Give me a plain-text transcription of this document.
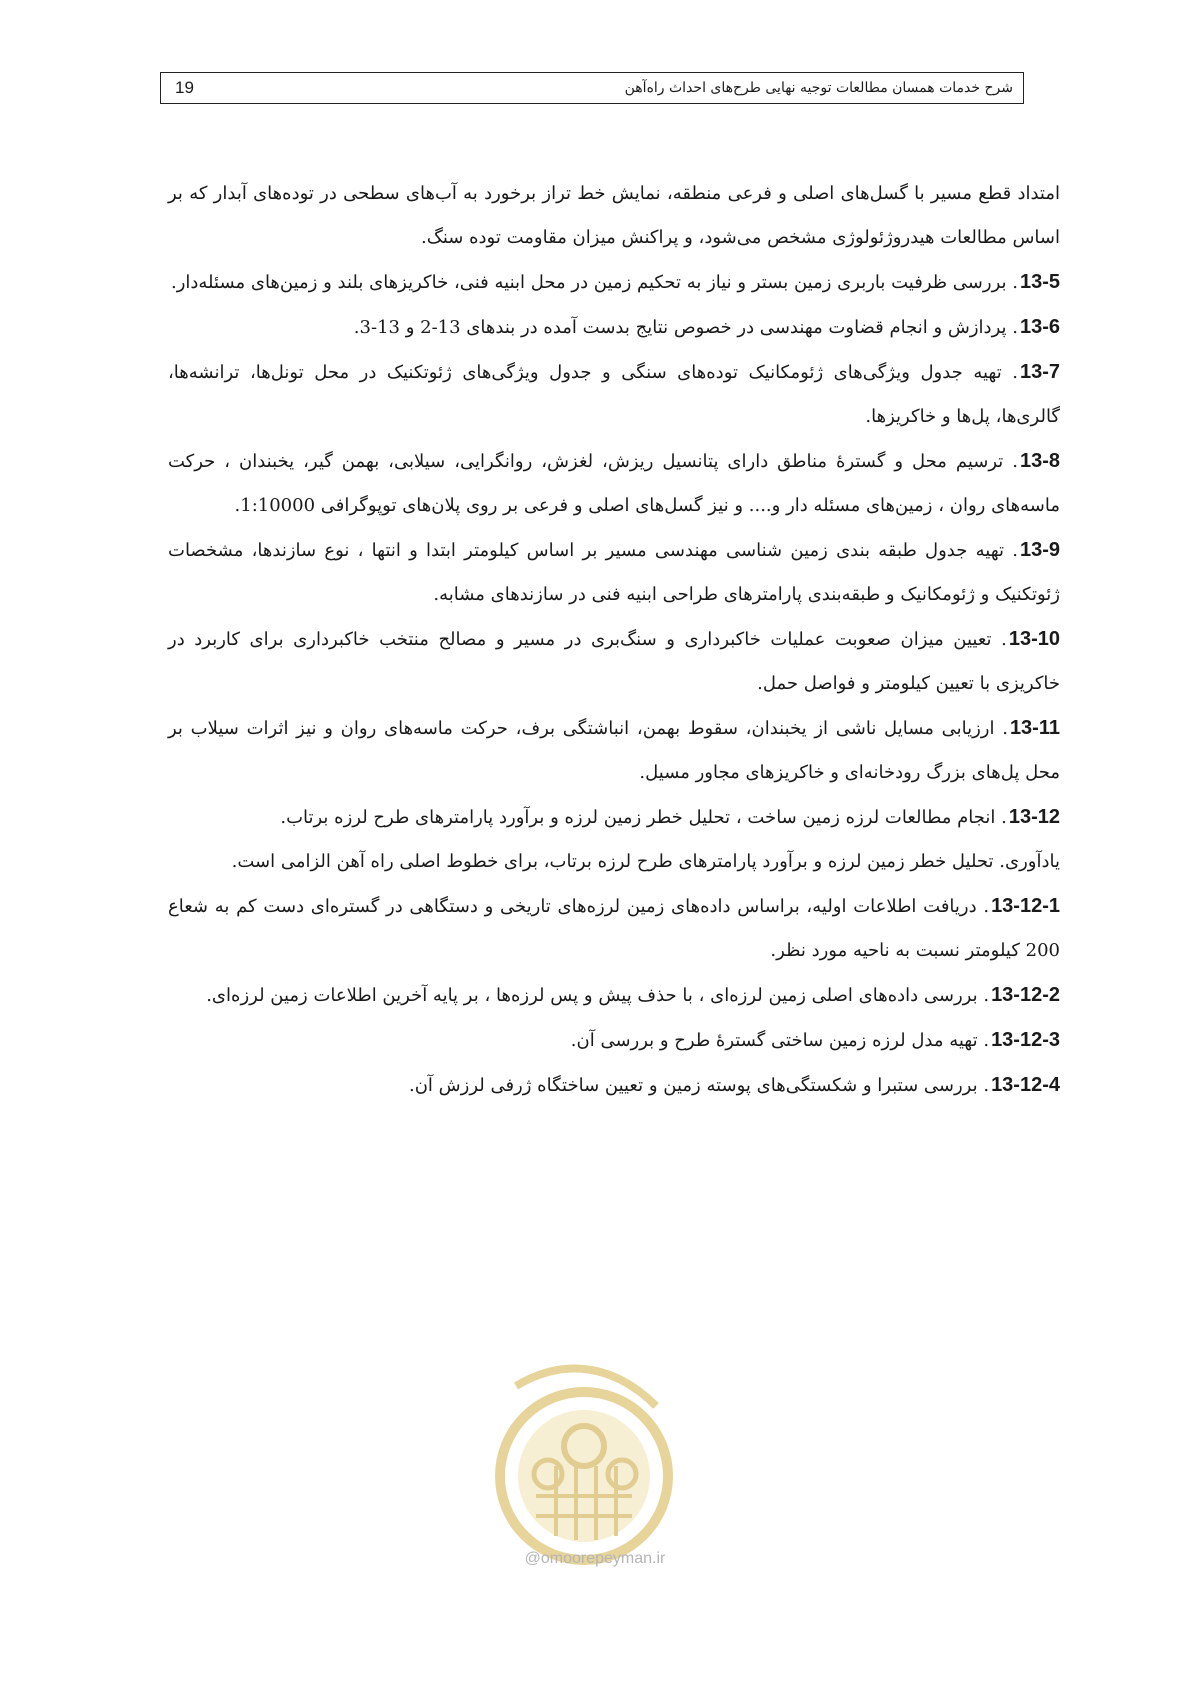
19	شرح خدمات همسان مطالعات توجیه نهایی طرح‌های احداث راه‌آهن

امتداد قطع مسیر با گسل‌های اصلی و فرعی منطقه، نمایش خط تراز برخورد به آب‌های سطحی در توده‌های آبدار که بر اساس مطالعات هیدروژئولوژی مشخص می‌شود، و پراکنش میزان مقاومت توده سنگ.

13-5. بررسی ظرفیت باربری زمین بستر و نیاز به تحکیم زمین در محل ابنیه فنی، خاکریزهای بلند و زمین‌های مسئله‌دار.

13-6. پردازش و انجام قضاوت مهندسی در خصوص نتایج بدست آمده در بندهای 13-2 و 13-3.

13-7. تهیه جدول ویژگی‌های ژئومکانیک توده‌های سنگی و جدول ویژگی‌های ژئوتکنیک در محل تونل‌ها، ترانشه‌ها، گالری‌ها، پل‌ها و خاکریزها.

13-8. ترسیم محل و گسترهٔ مناطق دارای پتانسیل ریزش، لغزش، روانگرایی، سیلابی، بهمن گیر، یخبندان ، حرکت ماسه‌های روان ، زمین‌های مسئله دار و.... و نیز گسل‌های اصلی و فرعی بر روی پلان‌های توپوگرافی 1:10000.

13-9. تهیه جدول طبقه بندی زمین شناسی مهندسی مسیر بر اساس کیلومتر ابتدا و انتها ، نوع سازندها، مشخصات ژئوتکنیک و ژئومکانیک و طبقه‌بندی پارامترهای طراحی ابنیه فنی در سازندهای مشابه.

13-10. تعیین میزان صعوبت عملیات خاکبرداری و سنگ‌بری در مسیر و مصالح منتخب خاکبرداری برای کاربرد در خاکریزی با تعیین کیلومتر و فواصل حمل.

13-11. ارزیابی مسایل ناشی از یخبندان، سقوط بهمن، انباشتگی برف، حرکت ماسه‌های روان و نیز اثرات سیلاب بر محل پل‌های بزرگ رودخانه‌ای و خاکریزهای مجاور مسیل.

13-12. انجام مطالعات لرزه زمین ساخت ، تحلیل خطر زمین لرزه و برآورد پارامترهای طرح لرزه برتاب.

یادآوری. تحلیل خطر زمین لرزه و برآورد پارامترهای طرح لرزه برتاب، برای خطوط اصلی راه آهن الزامی است.

13-12-1. دریافت اطلاعات اولیه، براساس داده‌های زمین لرزه‌های تاریخی و دستگاهی در گستره‌ای دست کم به شعاع 200 کیلومتر نسبت به ناحیه مورد نظر.

13-12-2. بررسی داده‌های اصلی زمین لرزه‌ای ، با حذف پیش و پس لرزه‌ها ، بر پایه آخرین اطلاعات زمین لرزه‌ای.

13-12-3. تهیه مدل لرزه زمین ساختی گسترهٔ طرح و بررسی آن.

13-12-4. بررسی ستبرا و شکستگی‌های پوسته زمین و تعیین ساختگاه ژرفی لرزش آن.

@omoorepeyman.ir
